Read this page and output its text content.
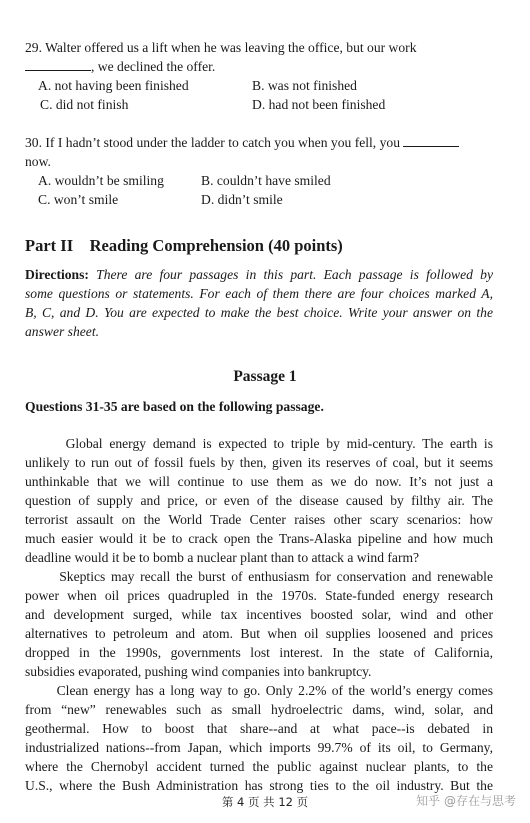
29. Walter offered us a lift when he was leaving the office, but our work
, we declined the offer.
A. not having been finished	B. was not finished
C. did not finish	D. had not been finished
30. If I hadn’t stood under the ladder to catch you when you fell, you
now.
A. wouldn’t be smiling	B. couldn’t have smiled
C. won’t smile	D. didn’t smile
Part II    Reading Comprehension (40 points)
Directions: There are four passages in this part. Each passage is followed by
some questions or statements. For each of them there are four choices marked A,
B, C, and D. You are expected to make the best choice. Write your answer on the
answer sheet.
Passage 1
Questions 31-35 are based on the following passage.
Global energy demand is expected to triple by mid-century. The earth is
unlikely to run out of fossil fuels by then, given its reserves of coal, but it seems
unthinkable that we will continue to use them as we do now. It’s not just a
question of supply and price, or even of the disease caused by filthy air. The
terrorist assault on the World Trade Center raises other scary scenarios: how
much easier would it be to crack open the Trans-Alaska pipeline and how much
deadline would it be to bomb a nuclear plant than to attack a wind farm?
Skeptics may recall the burst of enthusiasm for conservation and renewable
power when oil prices quadrupled in the 1970s. State-funded energy research
and development surged, while tax incentives boosted solar, wind and other
alternatives to petroleum and atom. But when oil supplies loosened and prices
dropped in the 1990s, governments lost interest. In the state of California,
subsidies evaporated, pushing wind companies into bankruptcy.
Clean energy has a long way to go. Only 2.2% of the world’s energy comes
from “new” renewables such as small hydroelectric dams, wind, solar, and
geothermal. How to boost that share--and at what pace--is debated in
industrialized nations--from Japan, which imports 99.7% of its oil, to Germany,
where the Chernobyl accident turned the public against nuclear plants, to the
U.S., where the Bush Administration has strong ties to the oil industry. But the
第 4 页 共 12 页	知乎 @存在与思考
